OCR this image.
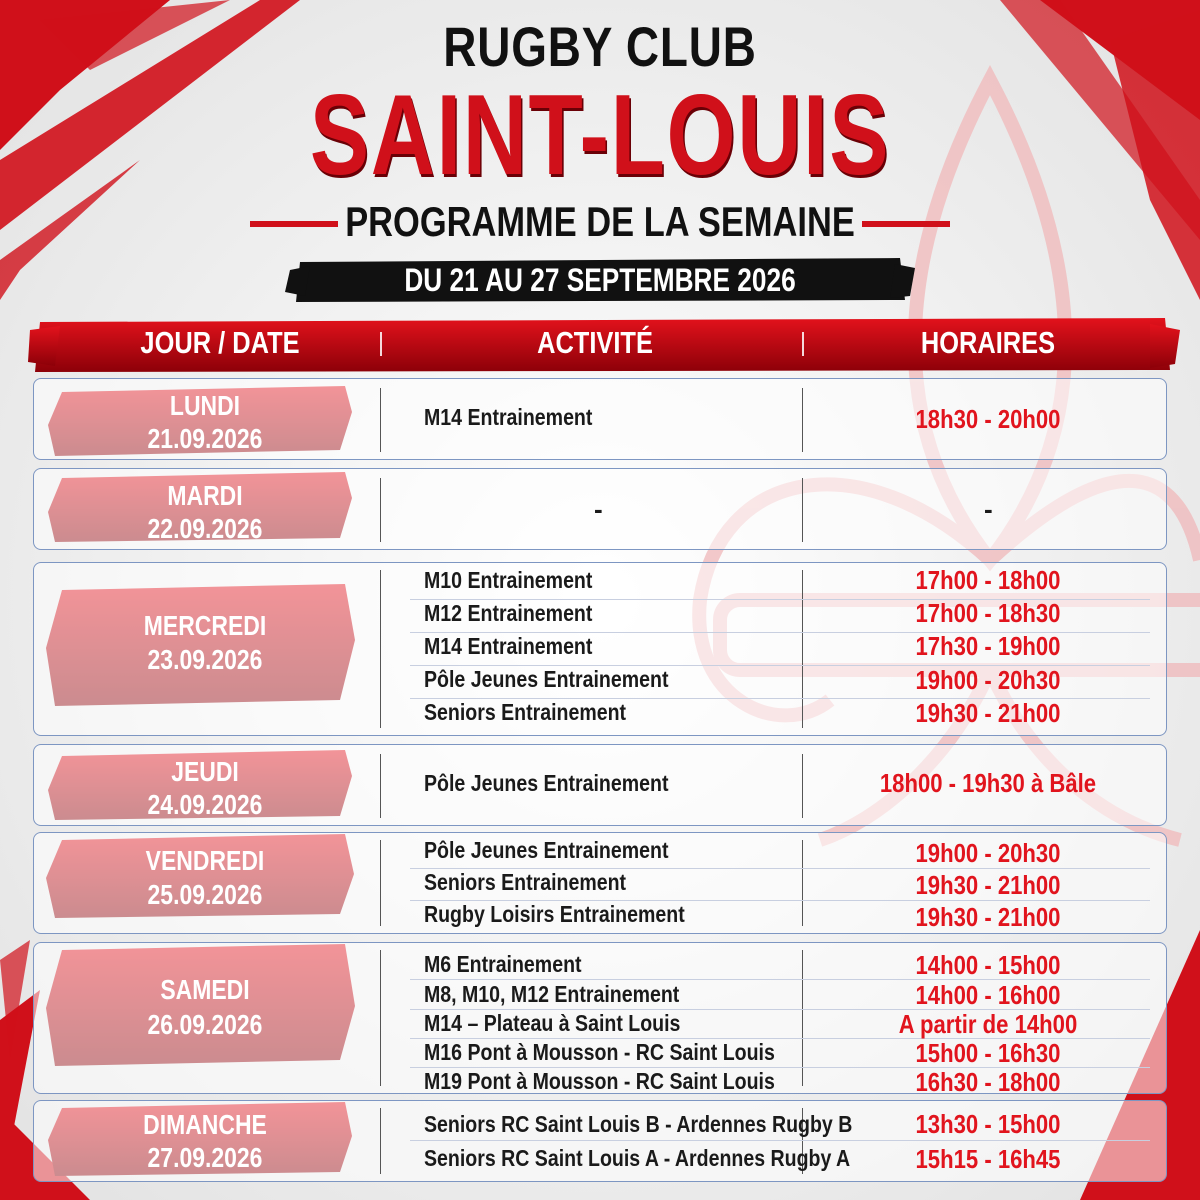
RUGBY CLUB
SAINT-LOUIS
PROGRAMME DE LA SEMAINE
DU 21 AU 27 SEPTEMBRE 2026
JOUR / DATE	ACTIVITÉ	HORAIRES
LUNDI
21.09.2026
M14 Entrainement	18h30 - 20h00
MARDI
22.09.2026
-	-
MERCREDI
23.09.2026
M10 Entrainement	17h00 - 18h00
M12 Entrainement	17h00 - 18h30
M14 Entrainement	17h30 - 19h00
Pôle Jeunes Entrainement	19h00 - 20h30
Seniors Entrainement	19h30 - 21h00
JEUDI
24.09.2026
Pôle Jeunes Entrainement	18h00 - 19h30 à Bâle
VENDREDI
25.09.2026
Pôle Jeunes Entrainement	19h00 - 20h30
Seniors Entrainement	19h30 - 21h00
Rugby Loisirs Entrainement	19h30 - 21h00
SAMEDI
26.09.2026
M6 Entrainement	14h00 - 15h00
M8, M10, M12 Entrainement	14h00 - 16h00
M14 – Plateau à Saint Louis	A partir de 14h00
M16 Pont à Mousson - RC Saint Louis	15h00 - 16h30
M19 Pont à Mousson - RC Saint Louis	16h30 - 18h00
DIMANCHE
27.09.2026
Seniors RC Saint Louis B - Ardennes Rugby B	13h30 - 15h00
Seniors RC Saint Louis A - Ardennes Rugby A	15h15 - 16h45
